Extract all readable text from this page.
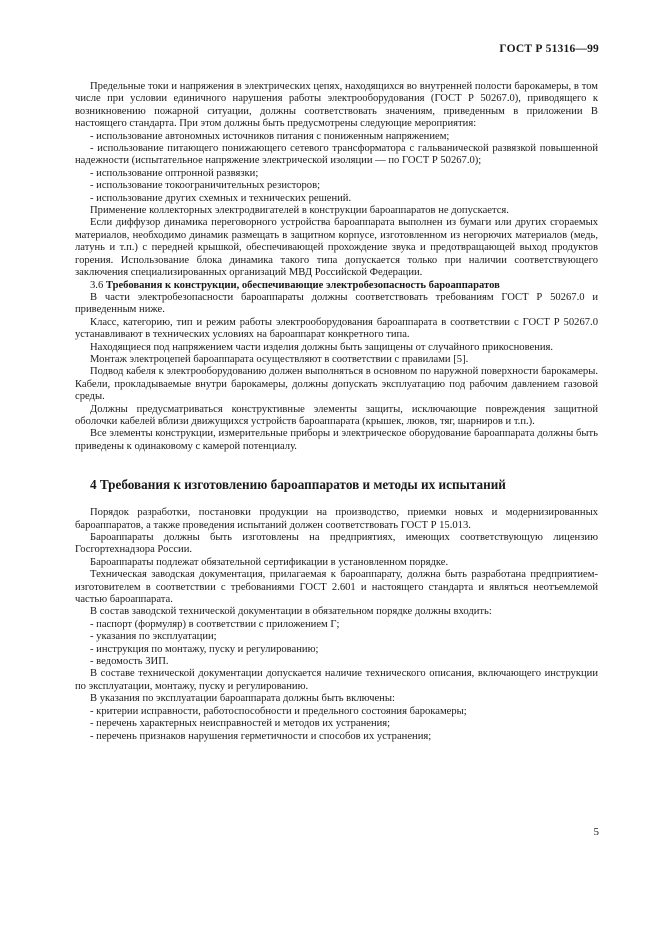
ГОСТ Р 51316—99

Предельные токи и напряжения в электрических цепях, находящихся во внутренней полости барокамеры, в том числе при условии единичного нарушения работы электрооборудования (ГОСТ Р 50267.0), приводящего к возникновению пожарной ситуации, должны соответствовать значениям, приведенным в приложении В настоящего стандарта. При этом должны быть предусмотрены следующие мероприятия:

- использование автономных источников питания с пониженным напряжением;

- использование питающего понижающего сетевого трансформатора с гальванической развязкой повышенной надежности (испытательное напряжение электрической изоляции — по ГОСТ Р 50267.0);

- использование оптронной развязки;

- использование токоограничительных резисторов;

- использование других схемных и технических решений.

Применение коллекторных электродвигателей в конструкции бароаппаратов не допускается.

Если диффузор динамика переговорного устройства бароаппарата выполнен из бумаги или других сгораемых материалов, необходимо динамик размещать в защитном корпусе, изготовленном из негорючих материалов (медь, латунь и т.п.) с передней крышкой, обеспечивающей прохождение звука и предотвращающей выход продуктов горения. Использование блока динамика такого типа допускается только при наличии соответствующего заключения специализированных организаций МВД Российской Федерации.

3.6 Требования к конструкции, обеспечивающие электробезопасность бароаппаратов

В части электробезопасности бароаппараты должны соответствовать требованиям ГОСТ Р 50267.0 и приведенным ниже.

Класс, категорию, тип и режим работы электрооборудования бароаппарата в соответствии с ГОСТ Р 50267.0 устанавливают в технических условиях на бароаппарат конкретного типа.

Находящиеся под напряжением части изделия должны быть защищены от случайного прикосновения.

Монтаж электроцепей бароаппарата осуществляют в соответствии с правилами [5].

Подвод кабеля к электрооборудованию должен выполняться в основном по наружной поверхности барокамеры. Кабели, прокладываемые внутри барокамеры, должны допускать эксплуатацию под рабочим давлением газовой среды.

Должны предусматриваться конструктивные элементы защиты, исключающие повреждения защитной оболочки кабелей вблизи движущихся устройств бароаппарата (крышек, люков, тяг, шарниров и т.п.).

Все элементы конструкции, измерительные приборы и электрическое оборудование бароаппарата должны быть приведены к одинаковому с камерой потенциалу.

4 Требования к изготовлению бароаппаратов и методы их испытаний

Порядок разработки, постановки продукции на производство, приемки новых и модернизированных бароаппаратов, а также проведения испытаний должен соответствовать ГОСТ Р 15.013.

Бароаппараты должны быть изготовлены на предприятиях, имеющих соответствующую лицензию Госгортехнадзора России.

Бароаппараты подлежат обязательной сертификации в установленном порядке.

Техническая заводская документация, прилагаемая к бароаппарату, должна быть разработана предприятием-изготовителем в соответствии с требованиями ГОСТ 2.601 и настоящего стандарта и являться неотъемлемой частью бароаппарата.

В состав заводской технической документации в обязательном порядке должны входить:

- паспорт (формуляр) в соответствии с приложением Г;

- указания по эксплуатации;

- инструкция по монтажу, пуску и регулированию;

- ведомость ЗИП.

В составе технической документации допускается наличие технического описания, включающего инструкции по эксплуатации, монтажу, пуску и регулированию.

В указания по эксплуатации бароаппарата должны быть включены:

- критерии исправности, работоспособности и предельного состояния барокамеры;

- перечень характерных неисправностей и методов их устранения;

- перечень признаков нарушения герметичности и способов их устранения;

5
